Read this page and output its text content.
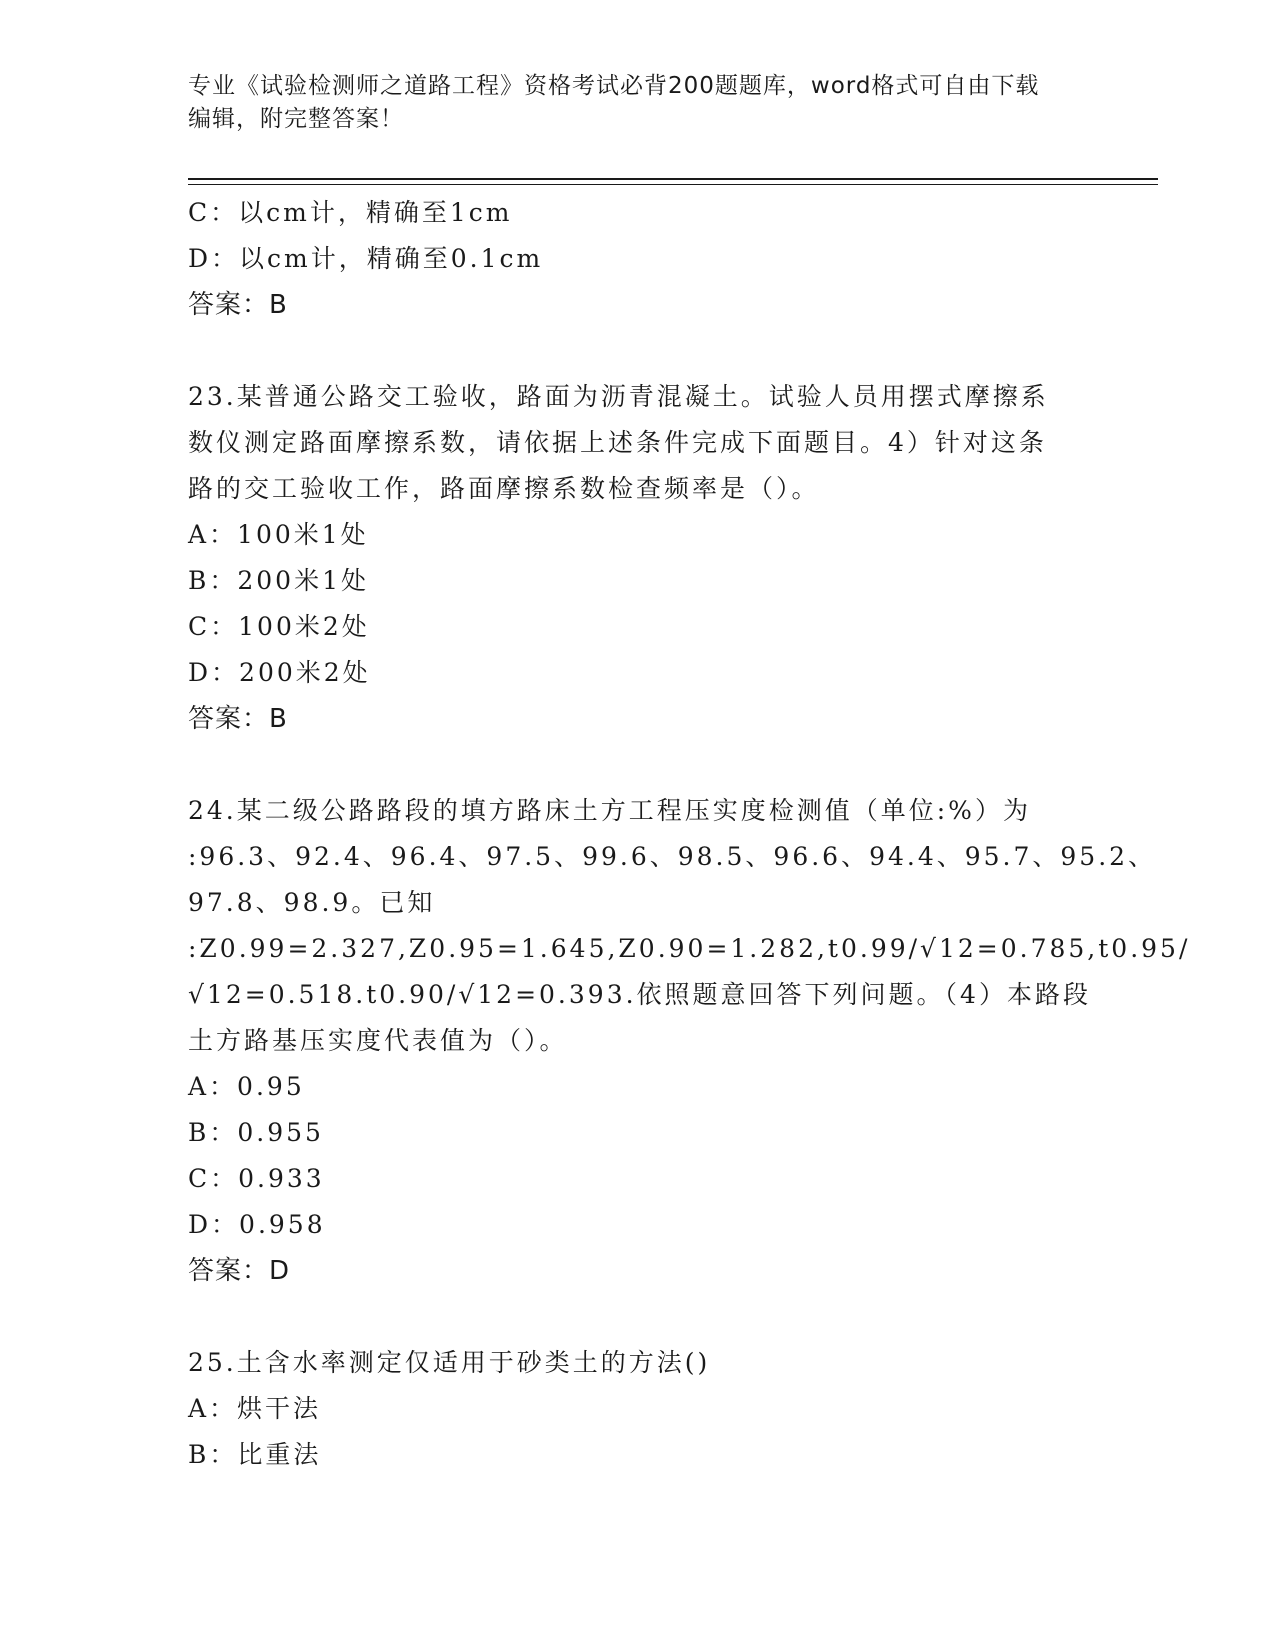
专业《试验检测师之道路工程》资格考试必背200题题库，word格式可自由下载
编辑，附完整答案！
C：以cm计，精确至1cm
D：以cm计，精确至0.1cm
答案：B
23.某普通公路交工验收，路面为沥青混凝土。试验人员用摆式摩擦系
数仪测定路面摩擦系数，请依据上述条件完成下面题目。4）针对这条
路的交工验收工作，路面摩擦系数检查频率是（）。
A：100米1处
B：200米1处
C：100米2处
D：200米2处
答案：B
24.某二级公路路段的填方路床土方工程压实度检测值（单位:%）为
:96.3、92.4、96.4、97.5、99.6、98.5、96.6、94.4、95.7、95.2、
97.8、98.9。已知
:Z0.99=2.327,Z0.95=1.645,Z0.90=1.282,t0.99/√12=0.785,t0.95/
√12=0.518.t0.90/√12=0.393.依照题意回答下列问题。（4）本路段
土方路基压实度代表值为（）。
A：0.95
B：0.955
C：0.933
D：0.958
答案：D
25.土含水率测定仅适用于砂类土的方法()
A：烘干法
B：比重法
